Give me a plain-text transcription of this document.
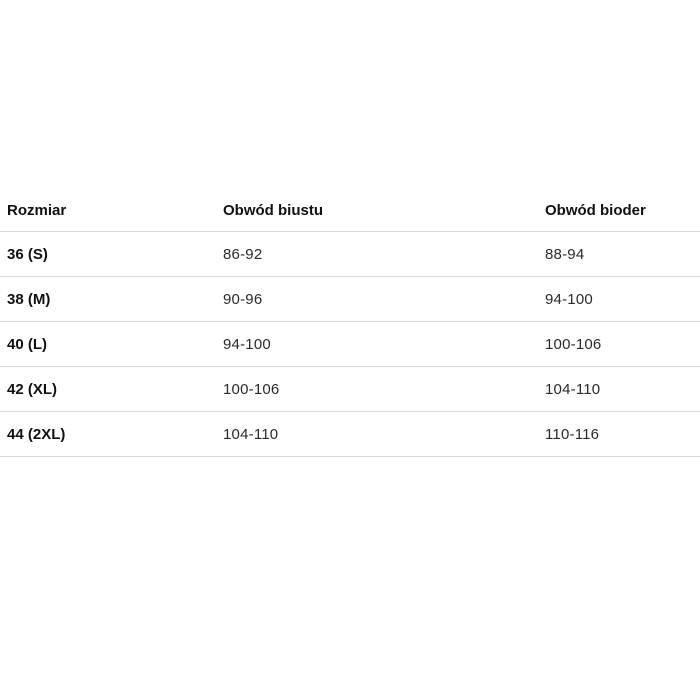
Rozmiar	Obwód biustu	Obwód bioder
36 (S)	86-92	88-94
38 (M)	90-96	94-100
40 (L)	94-100	100-106
42 (XL)	100-106	104-110
44 (2XL)	104-110	110-116
